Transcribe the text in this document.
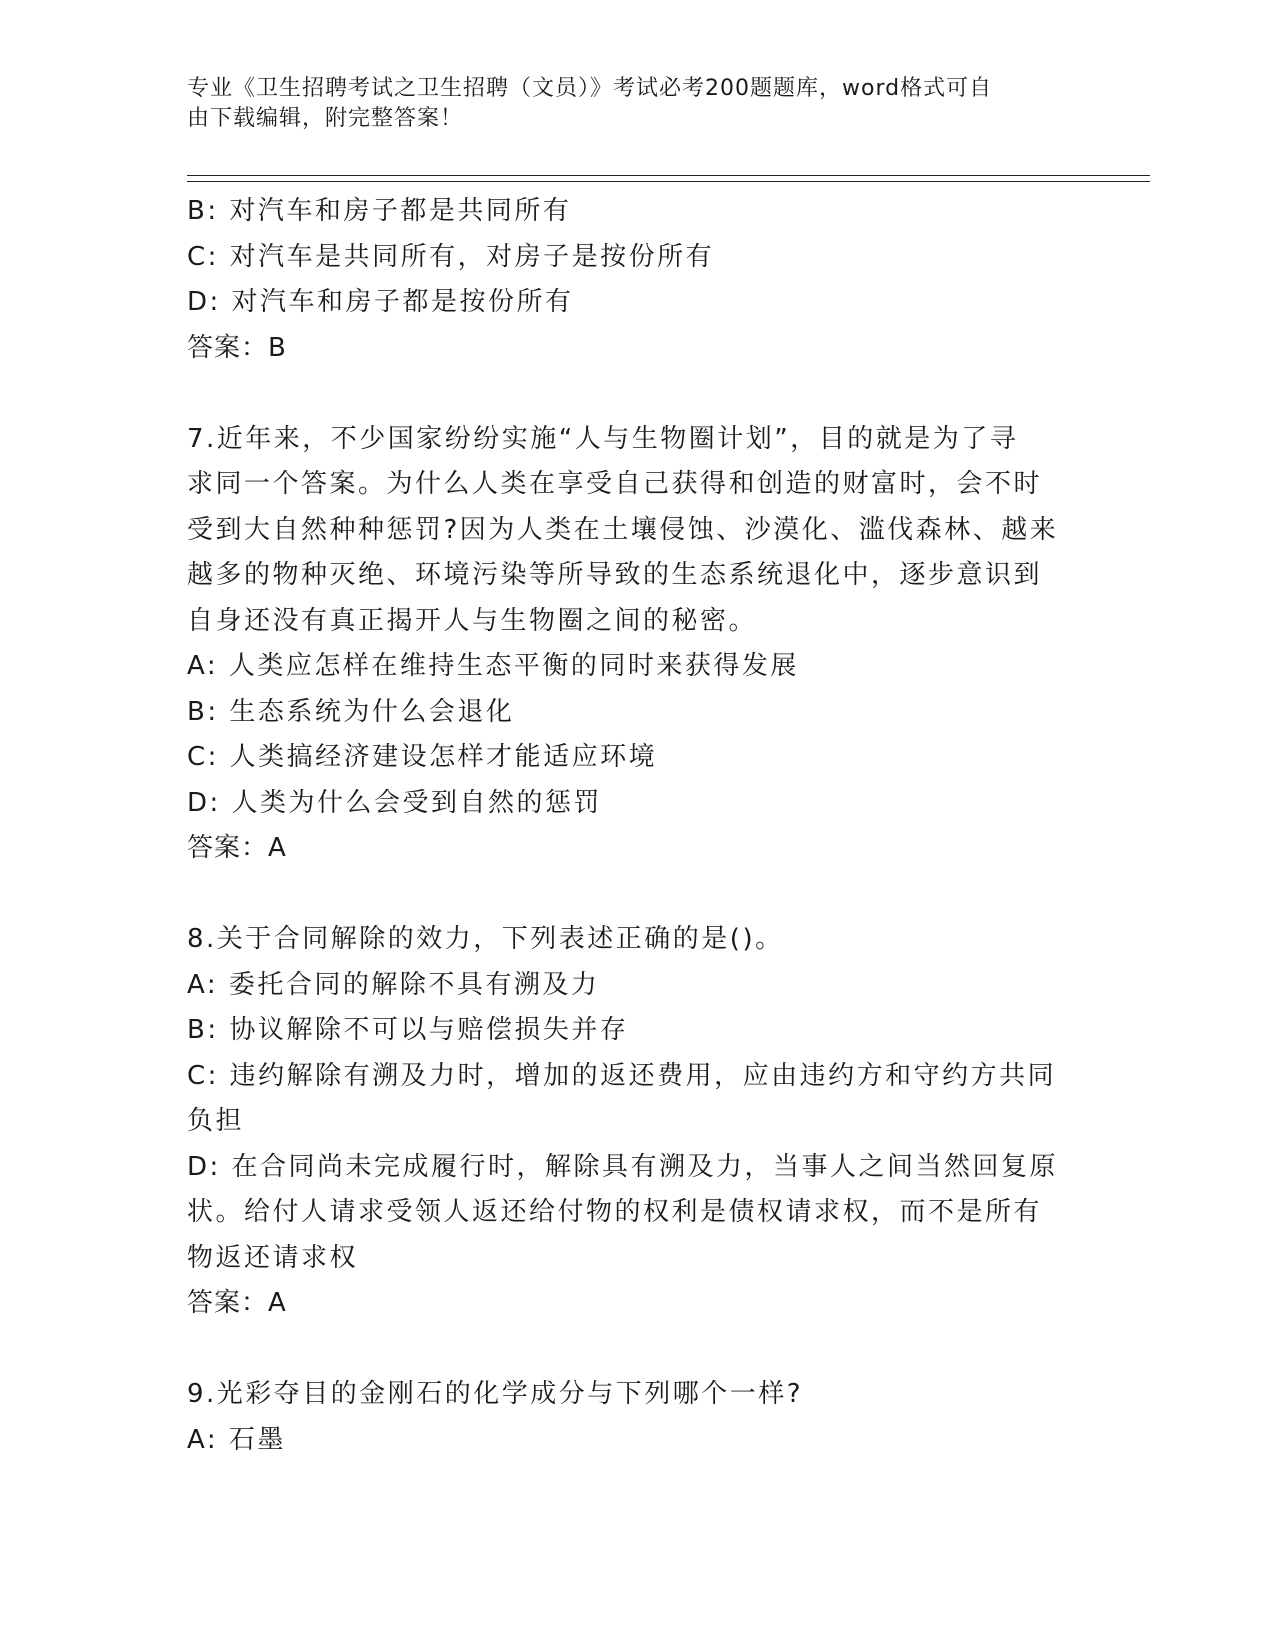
专业《卫生招聘考试之卫生招聘（文员）》考试必考200题题库，word格式可自
由下载编辑，附完整答案！

B: 对汽车和房子都是共同所有

C: 对汽车是共同所有，对房子是按份所有

D: 对汽车和房子都是按份所有

答案：B

7.近年来，不少国家纷纷实施“人与生物圈计划”，目的就是为了寻

求同一个答案。为什么人类在享受自己获得和创造的财富时，会不时

受到大自然种种惩罚?因为人类在土壤侵蚀、沙漠化、滥伐森林、越来

越多的物种灭绝、环境污染等所导致的生态系统退化中，逐步意识到

自身还没有真正揭开人与生物圈之间的秘密。

A: 人类应怎样在维持生态平衡的同时来获得发展

B: 生态系统为什么会退化

C: 人类搞经济建设怎样才能适应环境

D: 人类为什么会受到自然的惩罚

答案：A

8.关于合同解除的效力，下列表述正确的是()。

A: 委托合同的解除不具有溯及力

B: 协议解除不可以与赔偿损失并存

C: 违约解除有溯及力时，增加的返还费用，应由违约方和守约方共同

负担

D: 在合同尚未完成履行时，解除具有溯及力，当事人之间当然回复原

状。给付人请求受领人返还给付物的权利是债权请求权，而不是所有

物返还请求权

答案：A

9.光彩夺目的金刚石的化学成分与下列哪个一样?

A: 石墨
